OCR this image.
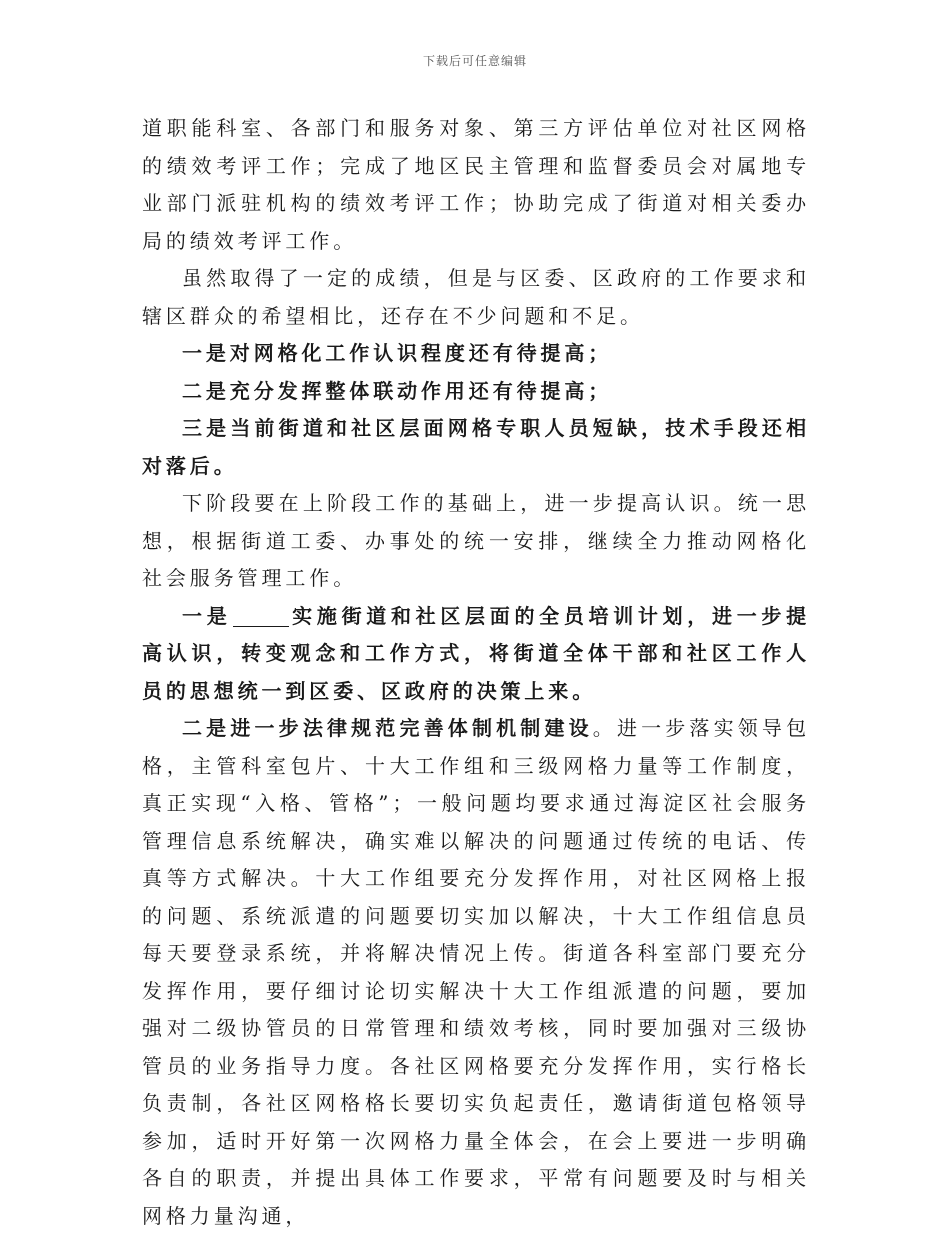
下载后可任意编辑

道职能科室、各部门和服务对象、第三方评估单位对社区网格的绩效考评工作；完成了地区民主管理和监督委员会对属地专业部门派驻机构的绩效考评工作；协助完成了街道对相关委办局的绩效考评工作。

虽然取得了一定的成绩，但是与区委、区政府的工作要求和辖区群众的希望相比，还存在不少问题和不足。

一是对网格化工作认识程度还有待提高；

二是充分发挥整体联动作用还有待提高；

三是当前街道和社区层面网格专职人员短缺，技术手段还相对落后。

下阶段要在上阶段工作的基础上，进一步提高认识。统一思想，根据街道工委、办事处的统一安排，继续全力推动网格化社会服务管理工作。

一是	实施街道和社区层面的全员培训计划，进一步提高认识，转变观念和工作方式，将街道全体干部和社区工作人员的思想统一到区委、区政府的决策上来。

二是进一步法律规范完善体制机制建设。进一步落实领导包格，主管科室包片、十大工作组和三级网格力量等工作制度，真正实现“入格、管格”；一般问题均要求通过海淀区社会服务管理信息系统解决，确实难以解决的问题通过传统的电话、传真等方式解决。十大工作组要充分发挥作用，对社区网格上报的问题、系统派遣的问题要切实加以解决，十大工作组信息员每天要登录系统，并将解决情况上传。街道各科室部门要充分发挥作用，要仔细讨论切实解决十大工作组派遣的问题，要加强对二级协管员的日常管理和绩效考核，同时要加强对三级协管员的业务指导力度。各社区网格要充分发挥作用，实行格长负责制，各社区网格格长要切实负起责任，邀请街道包格领导参加，适时开好第一次网格力量全体会，在会上要进一步明确各自的职责，并提出具体工作要求，平常有问题要及时与相关网格力量沟通，
